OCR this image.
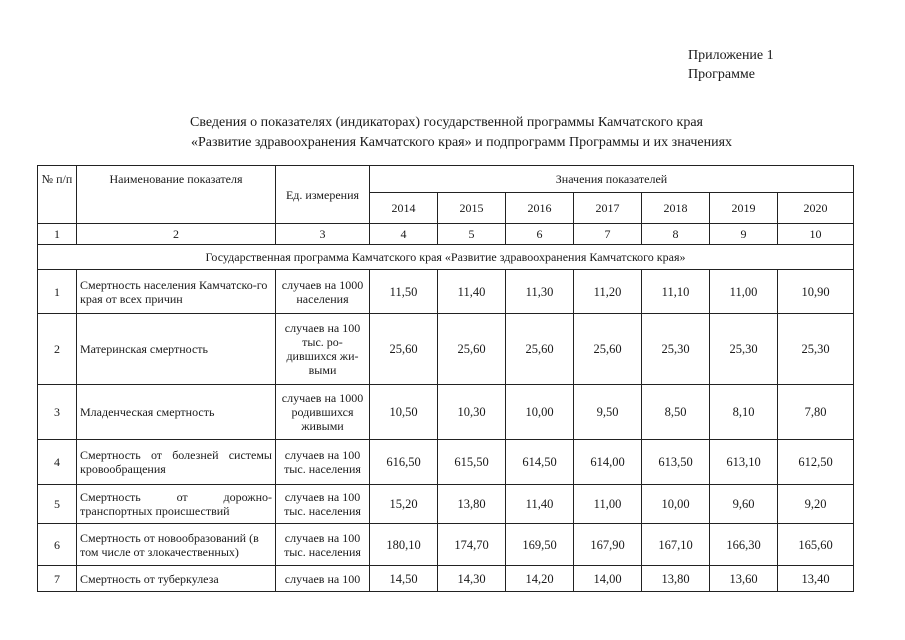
Приложение 1
Программе
Сведения о показателях (индикаторах) государственной программы Камчатского края
«Развитие здравоохранения Камчатского края» и подпрограмм Программы и их значениях
№ п/п	Наименование показателя	Ед. измерения	Значения показателей						
			2014	2015	2016	2017	2018	2019	2020
1	2	3	4	5	6	7	8	9	10
Государственная программа Камчатского края «Развитие здравоохранения Камчатского края»									
1	Смертность населения Камчатско-го края от всех причин	случаев на 1000 населения	11,50	11,40	11,30	11,20	11,10	11,00	10,90
2	Материнская смертность	случаев на 100 тыс. ро-дившихся жи-выми	25,60	25,60	25,60	25,60	25,30	25,30	25,30
3	Младенческая смертность	случаев на 1000 родившихся живыми	10,50	10,30	10,00	9,50	8,50	8,10	7,80
4	Смертность от болезней системы кровообращения	случаев на 100 тыс. населения	616,50	615,50	614,50	614,00	613,50	613,10	612,50
5	Смертность от дорожно-транспортных происшествий	случаев на 100 тыс. населения	15,20	13,80	11,40	11,00	10,00	9,60	9,20
6	Смертность от новообразований (в том числе от злокачественных)	случаев на 100 тыс. населения	180,10	174,70	169,50	167,90	167,10	166,30	165,60
7	Смертность от туберкулеза	случаев на 100	14,50	14,30	14,20	14,00	13,80	13,60	13,40
